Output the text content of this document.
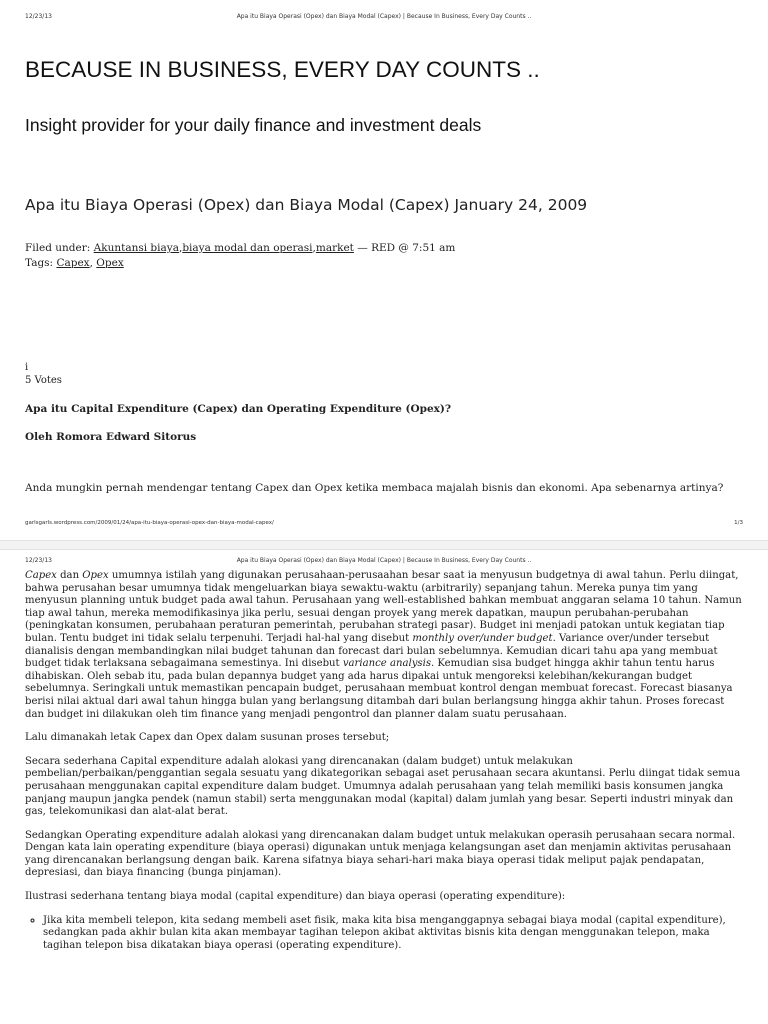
12/23/13	Apa itu Biaya Operasi (Opex) dan Biaya Modal (Capex) | Because In Business, Every Day Counts ..
BECAUSE IN BUSINESS, EVERY DAY COUNTS ..
Insight provider for your daily finance and investment deals
Apa itu Biaya Operasi (Opex) dan Biaya Modal (Capex) January 24, 2009
Filed under: Akuntansi biaya,biaya modal dan operasi,market — RED @ 7:51 am
Tags: Capex, Opex
i
5 Votes
Apa itu Capital Expenditure (Capex) dan Operating Expenditure (Opex)?
Oleh Romora Edward Sitorus
Anda mungkin pernah mendengar tentang Capex dan Opex ketika membaca majalah bisnis dan ekonomi. Apa sebenarnya artinya?
garlsgarls.wordpress.com/2009/01/24/apa-itu-biaya-operasi-opex-dan-biaya-modal-capex/	1/3
12/23/13	Apa itu Biaya Operasi (Opex) dan Biaya Modal (Capex) | Because In Business, Every Day Counts ..

Capex dan Opex umumnya istilah yang digunakan perusahaan-perusaahan besar saat ia menyusun budgetnya di awal tahun. Perlu diingat, bahwa perusahan besar umumnya tidak mengeluarkan biaya sewaktu-waktu (arbitrarily) sepanjang tahun. Mereka punya tim yang menyusun planning untuk budget pada awal tahun. Perusahaan yang well-established bahkan membuat anggaran selama 10 tahun. Namun tiap awal tahun, mereka memodifikasinya jika perlu, sesuai dengan proyek yang merek dapatkan, maupun perubahan-perubahan (peningkatan konsumen, perubahaan peraturan pemerintah, perubahan strategi pasar). Budget ini menjadi patokan untuk kegiatan tiap bulan. Tentu budget ini tidak selalu terpenuhi. Terjadi hal-hal yang disebut monthly over/under budget. Variance over/under tersebut dianalisis dengan membandingkan nilai budget tahunan dan forecast dari bulan sebelumnya. Kemudian dicari tahu apa yang membuat budget tidak terlaksana sebagaimana semestinya. Ini disebut variance analysis. Kemudian sisa budget hingga akhir tahun tentu harus dihabiskan. Oleh sebab itu, pada bulan depannya budget yang ada harus dipakai untuk mengoreksi kelebihan/kekurangan budget sebelumnya. Seringkali untuk memastikan pencapain budget, perusahaan membuat kontrol dengan membuat forecast. Forecast biasanya berisi nilai aktual dari awal tahun hingga bulan yang berlangsung ditambah dari bulan berlangsung hingga akhir tahun. Proses forecast dan budget ini dilakukan oleh tim finance yang menjadi pengontrol dan planner dalam suatu perusahaan.

Lalu dimanakah letak Capex dan Opex dalam susunan proses tersebut;

Secara sederhana Capital expenditure adalah alokasi yang direncanakan (dalam budget) untuk melakukan pembelian/perbaikan/penggantian segala sesuatu yang dikategorikan sebagai aset perusahaan secara akuntansi. Perlu diingat tidak semua perusahaan menggunakan capital expenditure dalam budget. Umumnya adalah perusahaan yang telah memiliki basis konsumen jangka panjang maupun jangka pendek (namun stabil) serta menggunakan modal (kapital) dalam jumlah yang besar. Seperti industri minyak dan gas, telekomunikasi dan alat-alat berat.

Sedangkan Operating expenditure adalah alokasi yang direncanakan dalam budget untuk melakukan operasih perusahaan secara normal. Dengan kata lain operating expenditure (biaya operasi) digunakan untuk menjaga kelangsungan aset dan menjamin aktivitas perusahaan yang direncanakan berlangsung dengan baik. Karena sifatnya biaya sehari-hari maka biaya operasi tidak meliput pajak pendapatan, depresiasi, dan biaya financing (bunga pinjaman).

Ilustrasi sederhana tentang biaya modal (capital expenditure) dan biaya operasi (operating expenditure):

◦ Jika kita membeli telepon, kita sedang membeli aset fisik, maka kita bisa menganggapnya sebagai biaya modal (capital expenditure), sedangkan pada akhir bulan kita akan membayar tagihan telepon akibat aktivitas bisnis kita dengan menggunakan telepon, maka tagihan telepon bisa dikatakan biaya operasi (operating expenditure).
